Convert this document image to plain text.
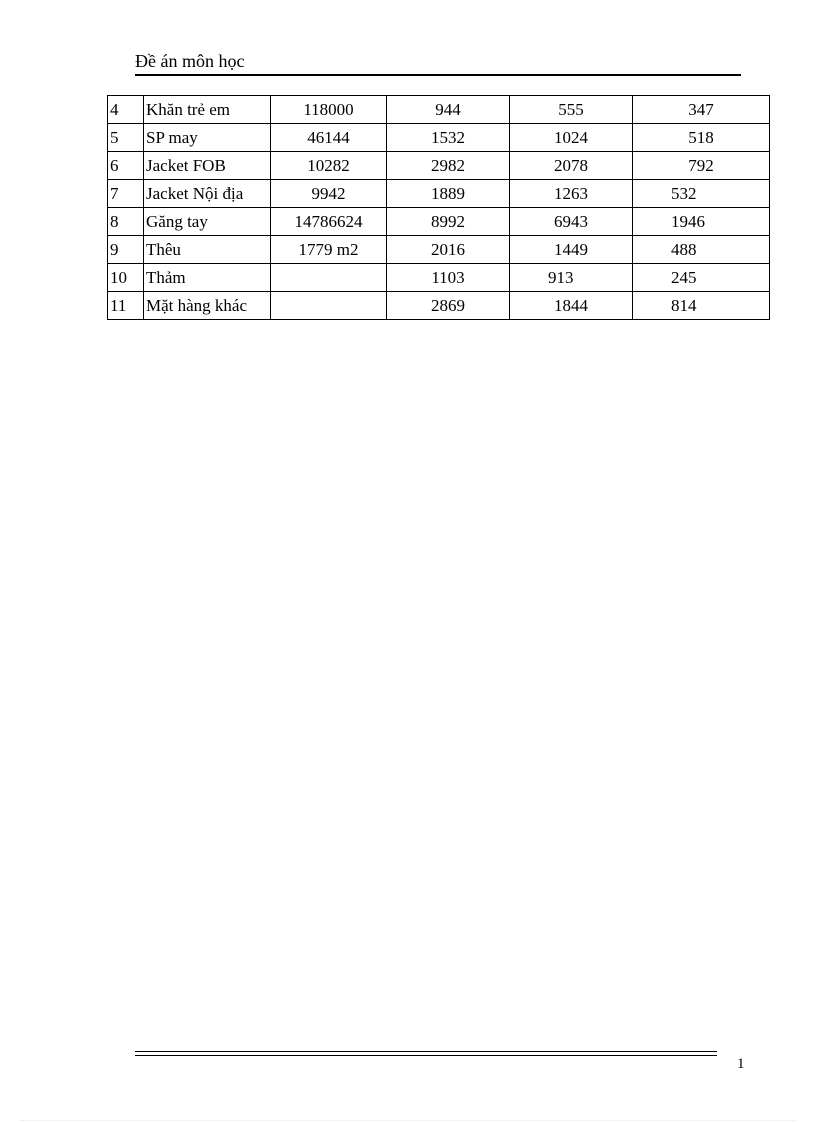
Đề án môn học
4	Khăn trẻ em	118000	944	555	347
5	SP may	46144	1532	1024	518
6	Jacket FOB	10282	2982	2078	792
7	Jacket Nội địa	9942	1889	1263	532
8	Găng tay	14786624	8992	6943	1946
9	Thêu	1779 m2	2016	1449	488
10	Thảm		1103	913	245
11	Mặt hàng khác		2869	1844	814
1
